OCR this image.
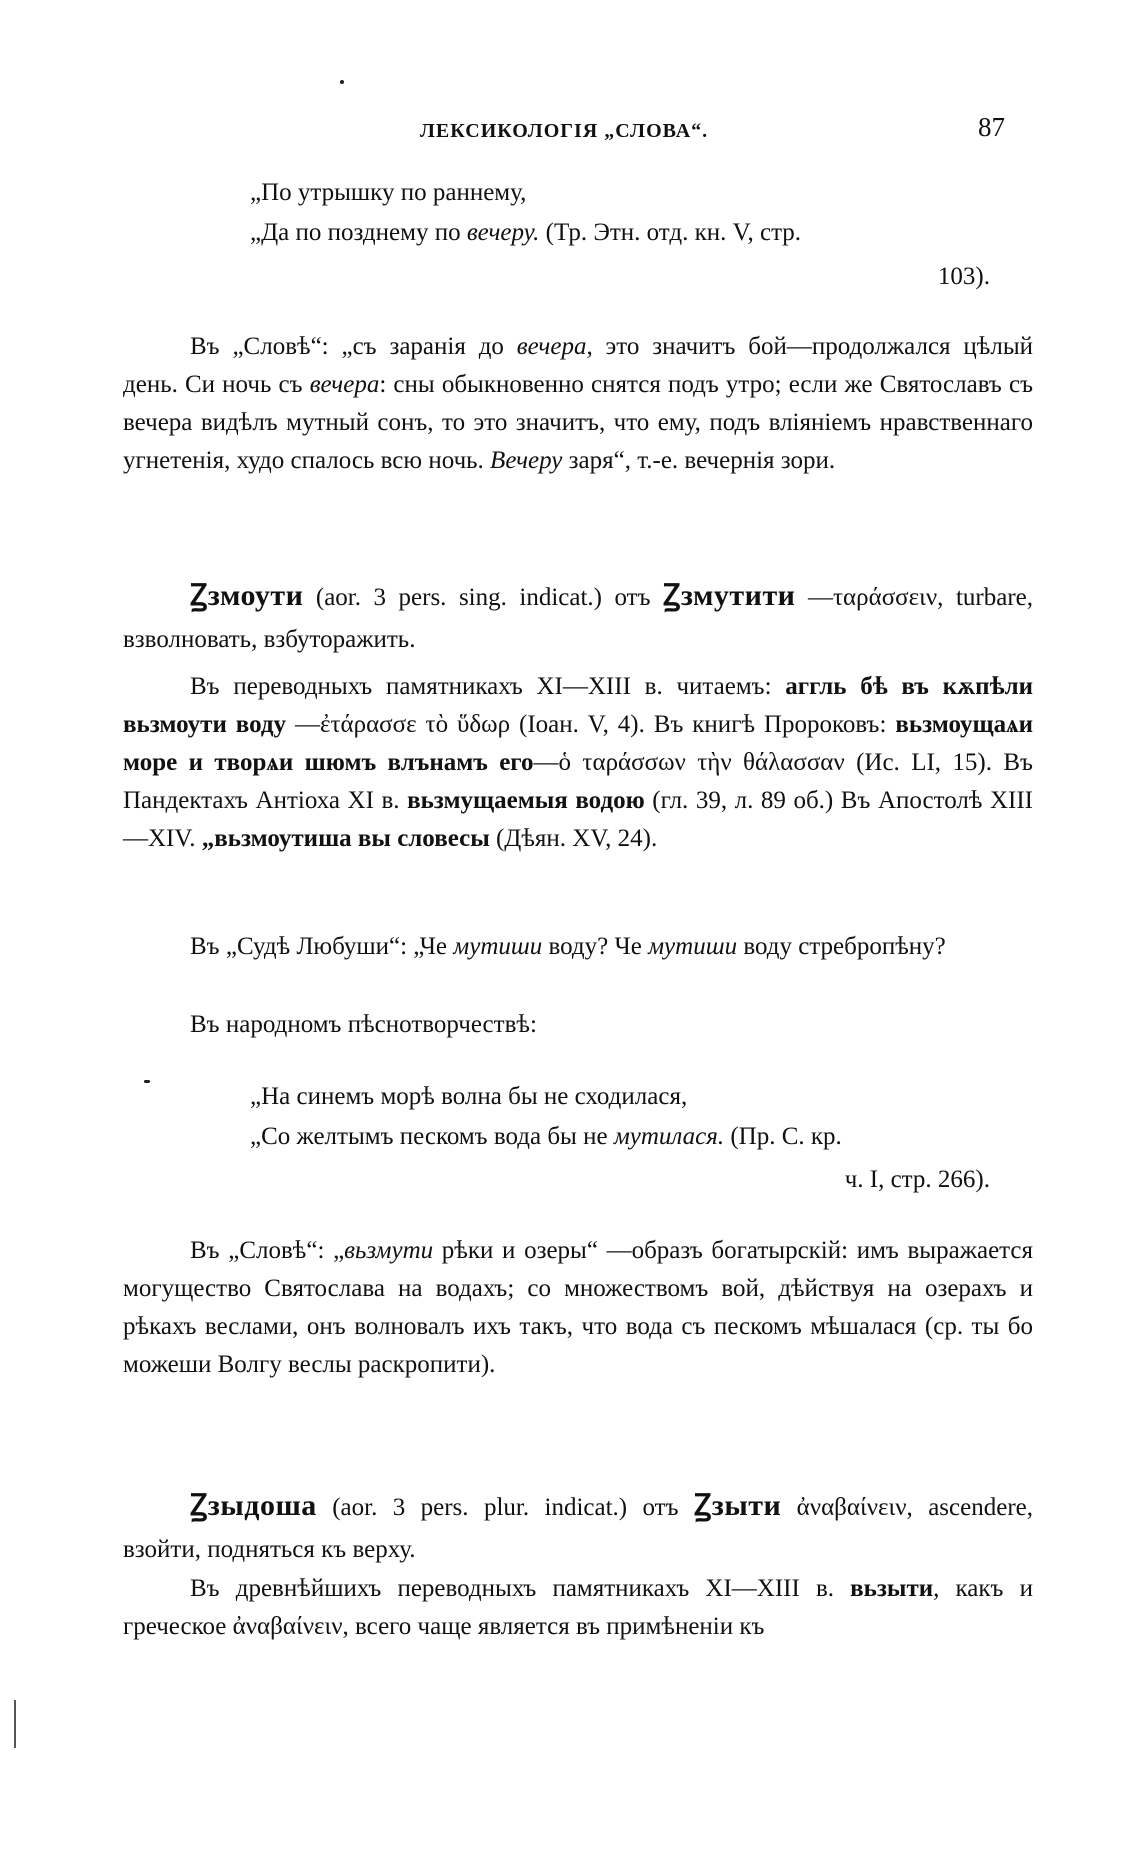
ЛЕКСИКОЛОГІЯ „СЛОВА“.	87
„По утрышку по раннему,
„Да по позднему по вечеру. (Тр. Этн. отд. кн. V, стр.
103).

Въ „Словѣ“: „съ заранія до вечера, это значитъ бой—продолжался цѣлый день. Си ночь съ вечера: сны обыкновенно снятся подъ утро; если же Святославъ съ вечера видѣлъ мутный сонъ, то это значитъ, что ему, подъ вліяніемъ нравственнаго угнетенія, худо спалось всю ночь. Вечеру заря“, т.-е. вечернія зори.

Ꙁзмоути (aor. 3 pers. sing. indicat.) отъ Ꙁзмутити —ταράσσειν, turbare, взволновать, взбуторажить.

Въ переводныхъ памятникахъ XI—XIII в. читаемъ: аггль бѣ въ кѫпѣли вьзмоути воду —ἐτάρασσε τὸ ὕδωρ (Іоан. V, 4). Въ книгѣ Пророковъ: вьзмоущаѧи море и творѧи шюмъ влънамъ его—ὁ ταράσσων τὴν θάλασσαν (Ис. LI, 15). Въ Пандектахъ Антіоха XI в. вьзмущаемыя водою (гл. 39, л. 89 об.) Въ Апостолѣ XIII—XIV. „вьзмоутиша вы словесы (Дѣян. XV, 24).

Въ „Судѣ Любуши“: „Че мутиши воду? Че мутиши воду стребропѣну?

Въ народномъ пѣснотворчествѣ:

„На синемъ морѣ волна бы не сходилася,
„Со желтымъ пескомъ вода бы не мутилася. (Пр. С. кр.
ч. I, стр. 266).

Въ „Словѣ“: „вьзмути рѣки и озеры“ —образъ богатырскій: имъ выражается могущество Святослава на водахъ; со множествомъ вой, дѣйствуя на озерахъ и рѣкахъ веслами, онъ волновалъ ихъ такъ, что вода съ пескомъ мѣшалася (ср. ты бо можеши Волгу веслы раскропити).

Ꙁзыдоша (aor. 3 pers. plur. indicat.) отъ Ꙁзыти ἀναβαίνειν, ascendere, взойти, подняться къ верху.

Въ древнѣйшихъ переводныхъ памятникахъ XI—XIII в. вьзыти, какъ и греческое ἀναβαίνειν, всего чаще является въ примѣненіи къ
